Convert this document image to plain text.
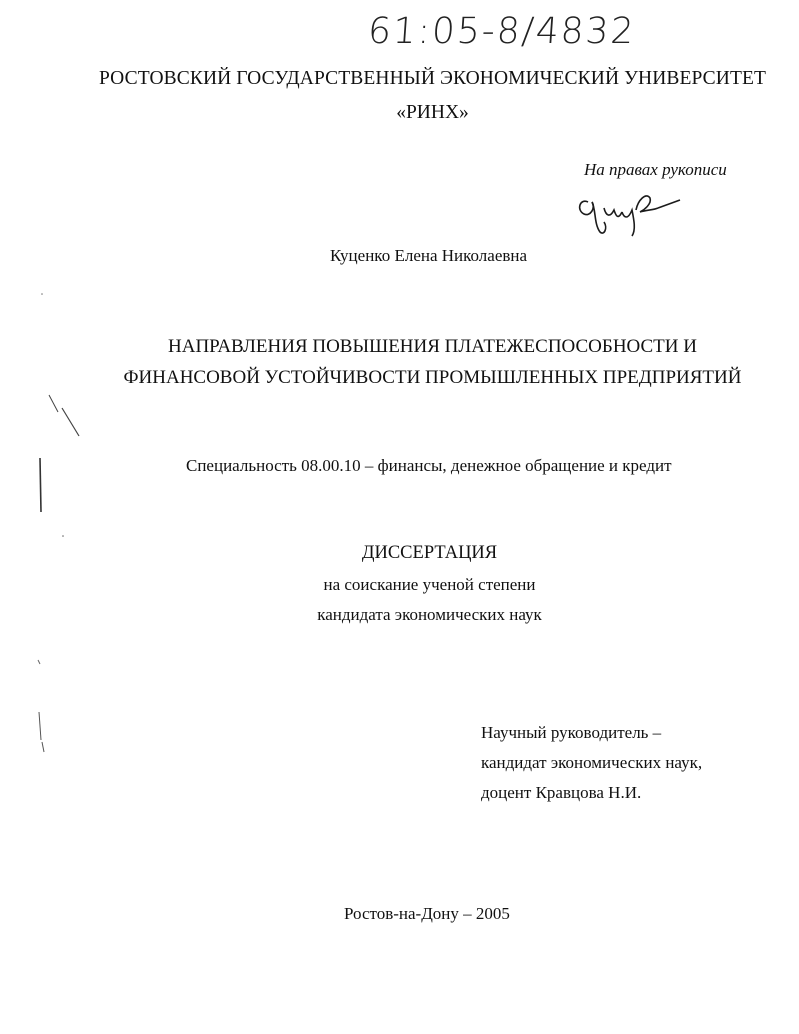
61:05-8/4832
РОСТОВСКИЙ ГОСУДАРСТВЕННЫЙ ЭКОНОМИЧЕСКИЙ УНИВЕРСИТЕТ
«РИНХ»
На правах рукописи
Куценко Елена Николаевна
НАПРАВЛЕНИЯ ПОВЫШЕНИЯ ПЛАТЕЖЕСПОСОБНОСТИ И
ФИНАНСОВОЙ УСТОЙЧИВОСТИ ПРОМЫШЛЕННЫХ ПРЕДПРИЯТИЙ
Специальность 08.00.10 – финансы, денежное обращение и кредит
ДИССЕРТАЦИЯ
на соискание ученой степени
кандидата экономических наук
Научный руководитель –
кандидат экономических наук,
доцент Кравцова Н.И.
Ростов-на-Дону – 2005
